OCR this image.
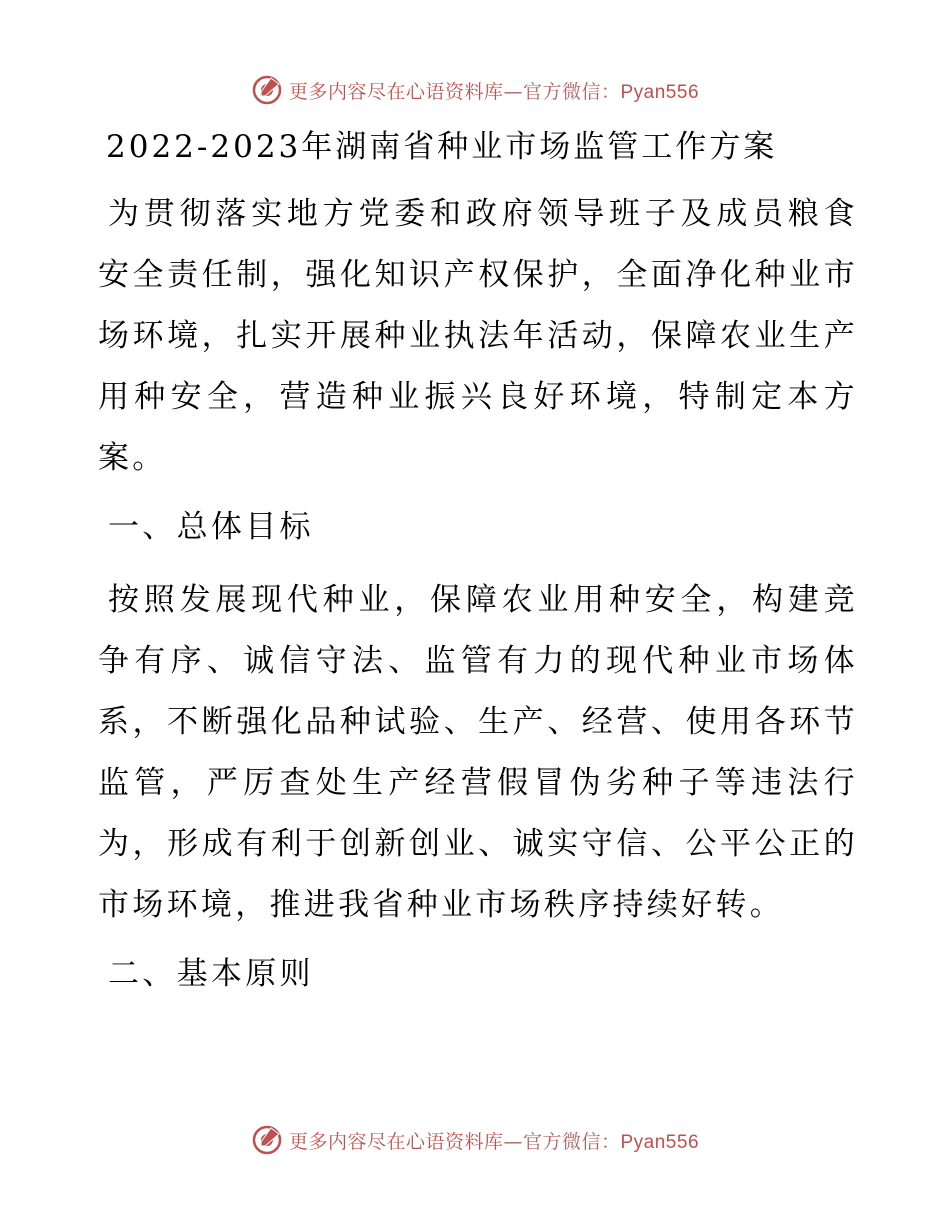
更多内容尽在心语资料库—官方微信：Pyan556
2022-2023年湖南省种业市场监管工作方案

为贯彻落实地方党委和政府领导班子及成员粮食安全责任制，强化知识产权保护，全面净化种业市场环境，扎实开展种业执法年活动，保障农业生产用种安全，营造种业振兴良好环境，特制定本方案。

一、总体目标

按照发展现代种业，保障农业用种安全，构建竞争有序、诚信守法、监管有力的现代种业市场体系，不断强化品种试验、生产、经营、使用各环节监管，严厉查处生产经营假冒伪劣种子等违法行为，形成有利于创新创业、诚实守信、公平公正的市场环境，推进我省种业市场秩序持续好转。

二、基本原则
更多内容尽在心语资料库—官方微信：Pyan556
